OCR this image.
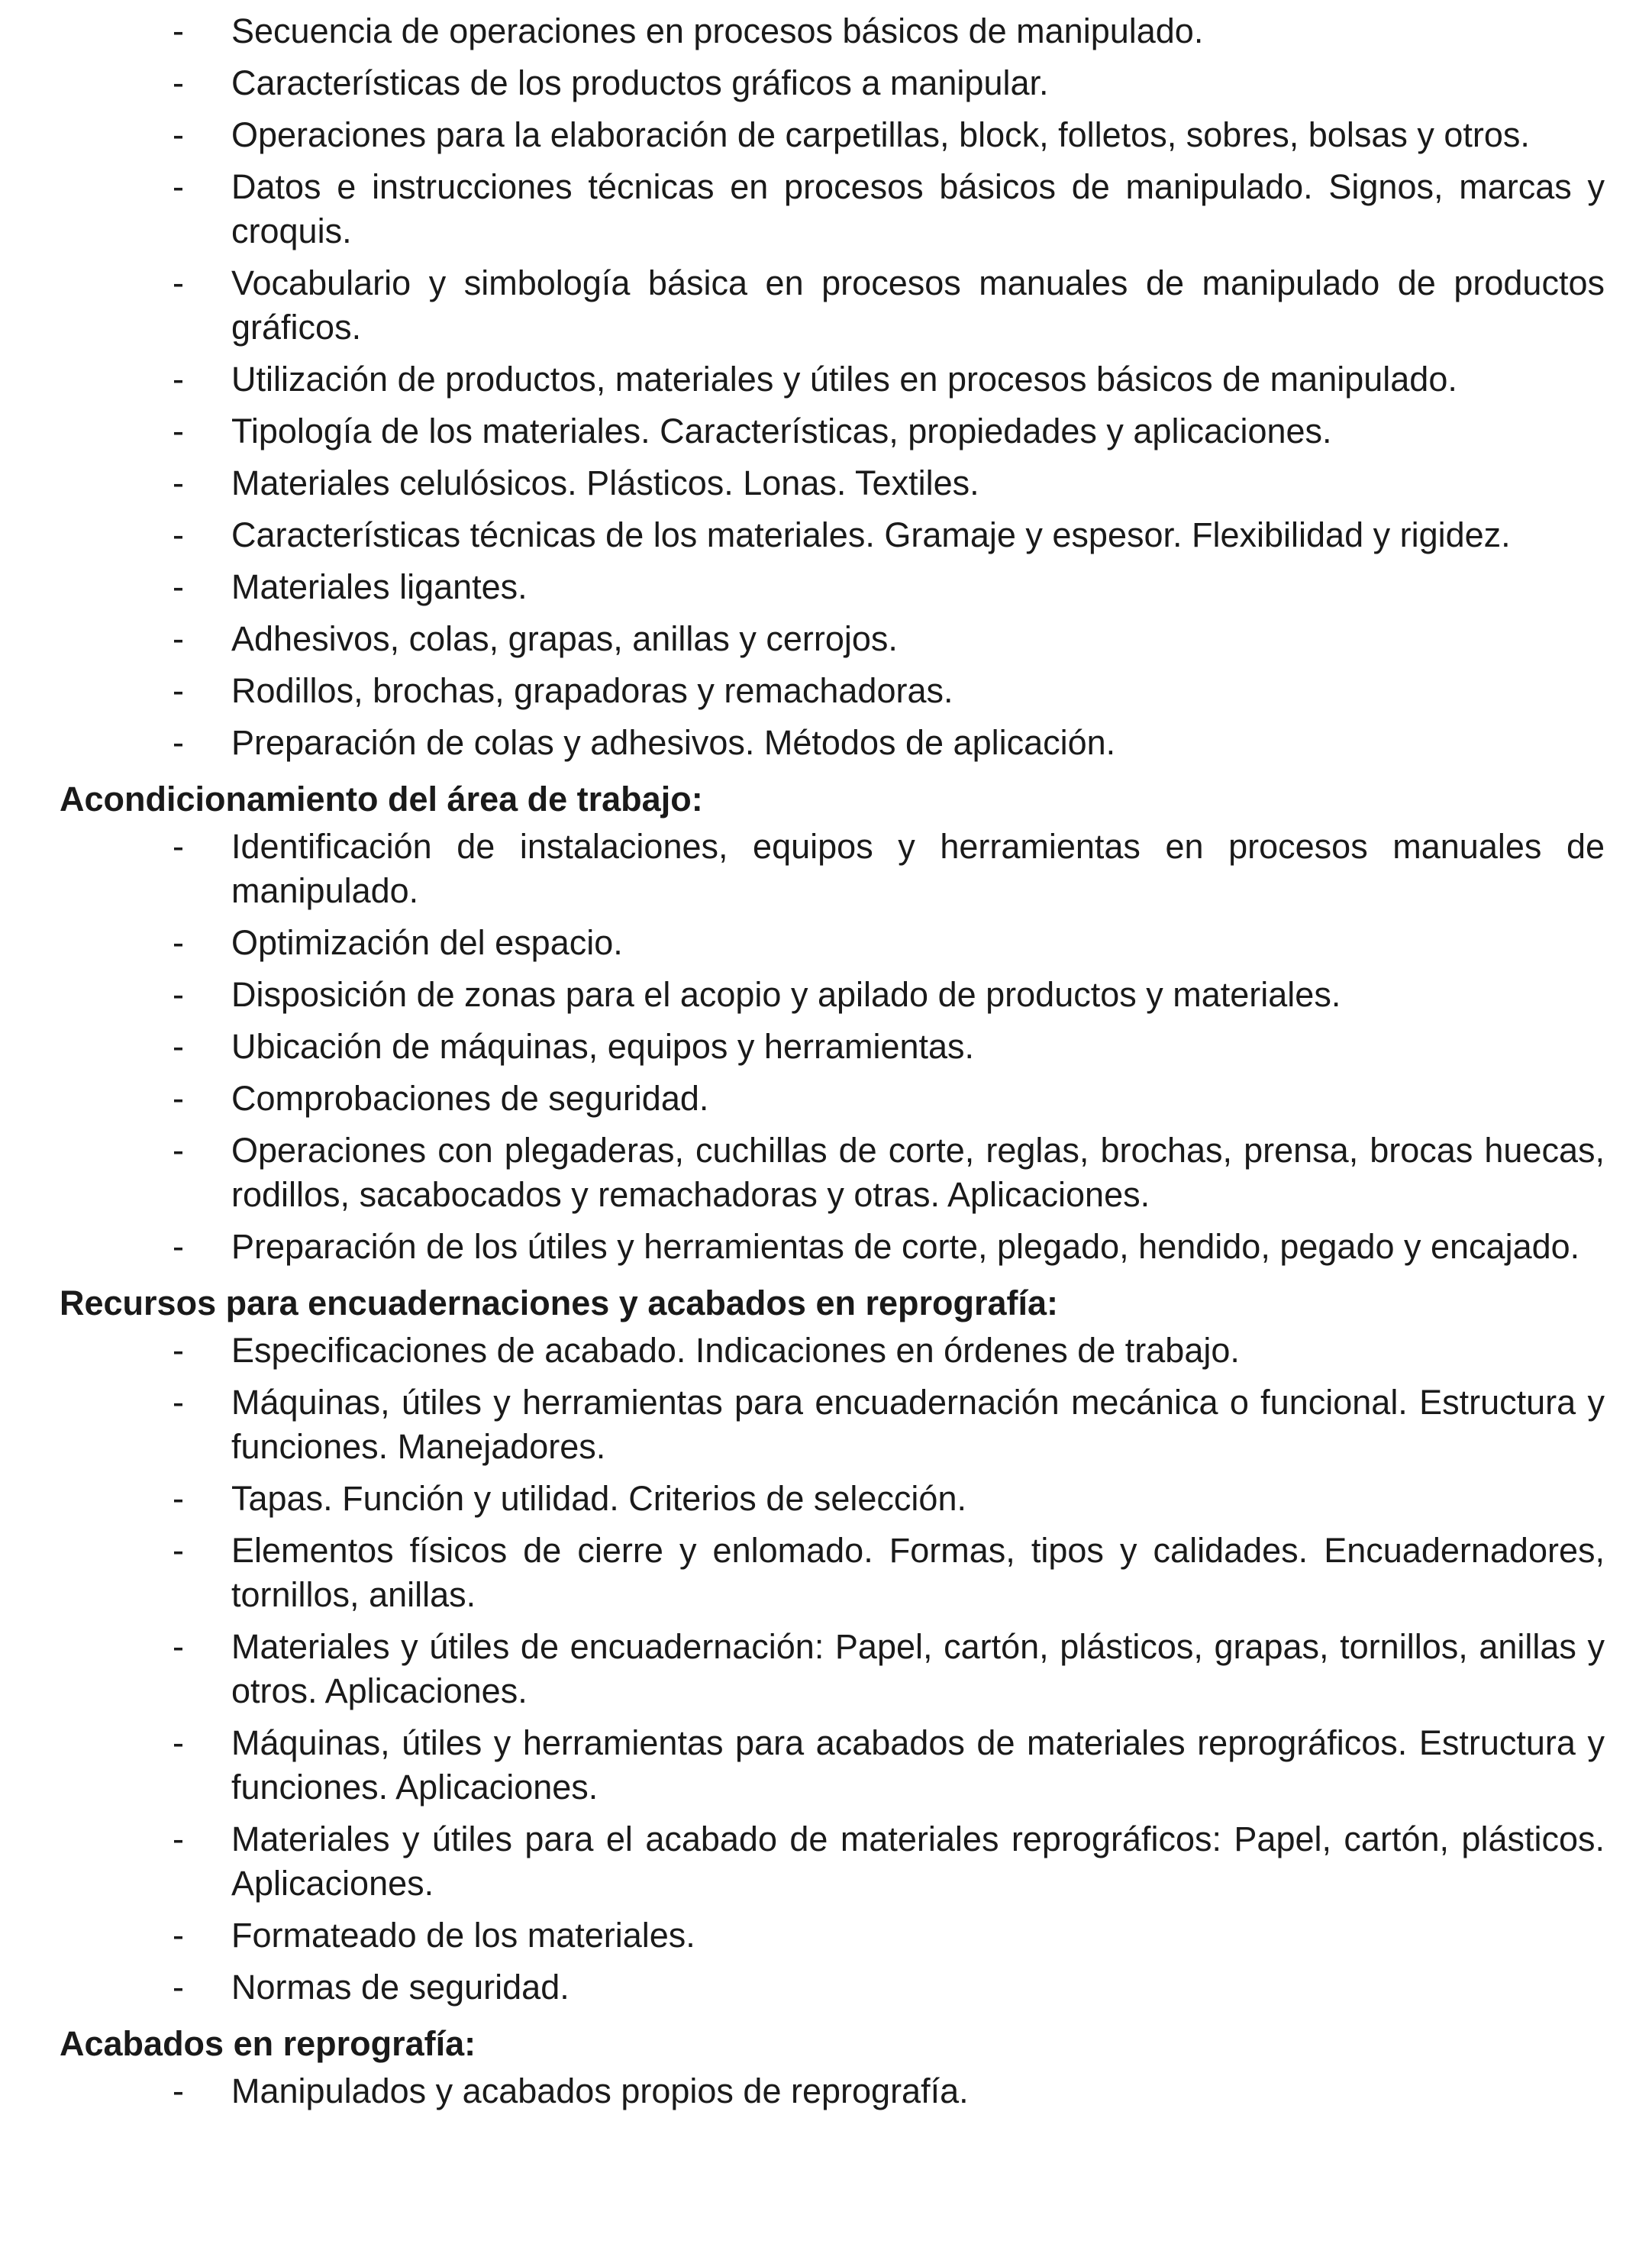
- Secuencia de operaciones en procesos básicos de manipulado.
- Características de los productos gráficos a manipular.
- Operaciones para la elaboración de carpetillas, block, folletos, sobres, bolsas y otros.
- Datos e instrucciones técnicas en procesos básicos de manipulado. Signos, marcas y croquis.
- Vocabulario y simbología básica en procesos manuales de manipulado de productos gráficos.
- Utilización de productos, materiales y útiles en procesos básicos de manipulado.
- Tipología de los materiales. Características, propiedades y aplicaciones.
- Materiales celulósicos. Plásticos. Lonas. Textiles.
- Características técnicas de los materiales. Gramaje y espesor. Flexibilidad y rigidez.
- Materiales ligantes.
- Adhesivos, colas, grapas, anillas y cerrojos.
- Rodillos, brochas, grapadoras y remachadoras.
- Preparación de colas y adhesivos. Métodos de aplicación.
Acondicionamiento del área de trabajo:
- Identificación de instalaciones, equipos y herramientas en procesos manuales de manipulado.
- Optimización del espacio.
- Disposición de zonas para el acopio y apilado de productos y materiales.
- Ubicación de máquinas, equipos y herramientas.
- Comprobaciones de seguridad.
- Operaciones con plegaderas, cuchillas de corte, reglas, brochas, prensa, brocas huecas, rodillos, sacabocados y remachadoras y otras. Aplicaciones.
- Preparación de los útiles y herramientas de corte, plegado, hendido, pegado y encajado.
Recursos para encuadernaciones y acabados en reprografía:
- Especificaciones de acabado. Indicaciones en órdenes de trabajo.
- Máquinas, útiles y herramientas para encuadernación mecánica o funcional. Estructura y funciones. Manejadores.
- Tapas. Función y utilidad. Criterios de selección.
- Elementos físicos de cierre y enlomado. Formas, tipos y calidades. Encuadernadores, tornillos, anillas.
- Materiales y útiles de encuadernación: Papel, cartón, plásticos, grapas, tornillos, anillas y otros. Aplicaciones.
- Máquinas, útiles y herramientas para acabados de materiales reprográficos. Estructura y funciones. Aplicaciones.
- Materiales y útiles para el acabado de materiales reprográficos: Papel, cartón, plásticos. Aplicaciones.
- Formateado de los materiales.
- Normas de seguridad.
Acabados en reprografía:
- Manipulados y acabados propios de reprografía.
